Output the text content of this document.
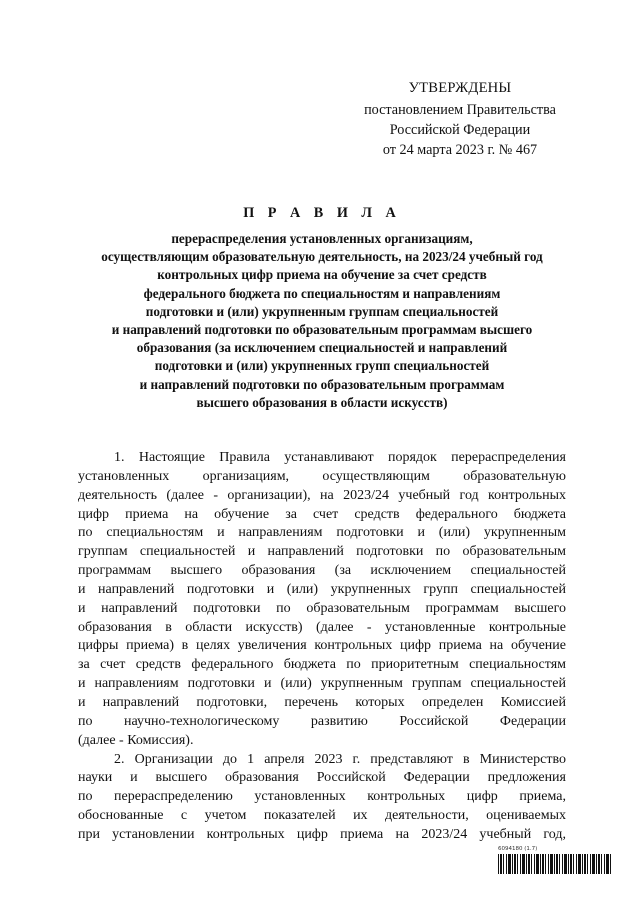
УТВЕРЖДЕНЫ
постановлением Правительства
Российской Федерации
от 24 марта 2023 г. № 467
П Р А В И Л А
перераспределения установленных организациям,
осуществляющим образовательную деятельность, на 2023/24 учебный год
контрольных цифр приема на обучение за счет средств
федерального бюджета по специальностям и направлениям
подготовки и (или) укрупненным группам специальностей
и направлений подготовки по образовательным программам высшего
образования (за исключением специальностей и направлений
подготовки и (или) укрупненных групп специальностей
и направлений подготовки по образовательным программам
высшего образования в области искусств)
1. Настоящие Правила устанавливают порядок перераспределения
установленных организациям, осуществляющим образовательную
деятельность (далее - организации), на 2023/24 учебный год контрольных
цифр приема на обучение за счет средств федерального бюджета
по специальностям и направлениям подготовки и (или) укрупненным
группам специальностей и направлений подготовки по образовательным
программам высшего образования (за исключением специальностей
и направлений подготовки и (или) укрупненных групп специальностей
и направлений подготовки по образовательным программам высшего
образования в области искусств) (далее - установленные контрольные
цифры приема) в целях увеличения контрольных цифр приема на обучение
за счет средств федерального бюджета по приоритетным специальностям
и направлениям подготовки и (или) укрупненным группам специальностей
и направлений подготовки, перечень которых определен Комиссией
по научно-технологическому развитию Российской Федерации
(далее - Комиссия).
2. Организации до 1 апреля 2023 г. представляют в Министерство
науки и высшего образования Российской Федерации предложения
по перераспределению установленных контрольных цифр приема,
обоснованные с учетом показателей их деятельности, оцениваемых
при установлении контрольных цифр приема на 2023/24 учебный год,
6094180 (1.7)
